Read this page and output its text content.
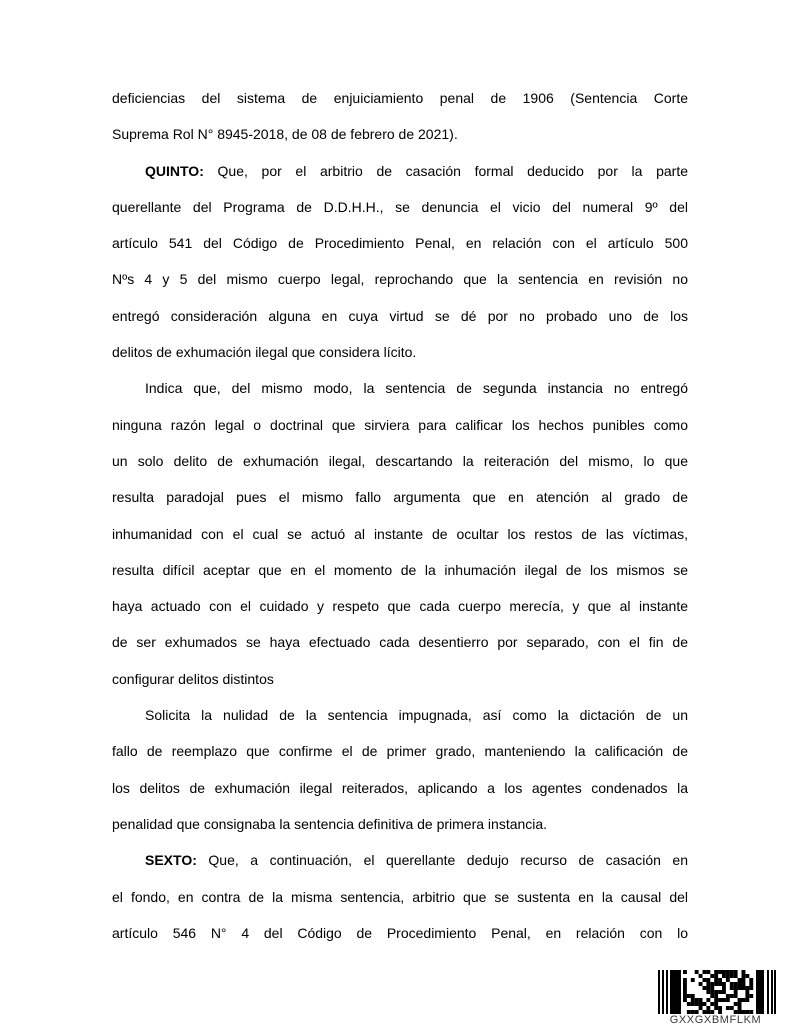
deficiencias del sistema de enjuiciamiento penal de 1906 (Sentencia Corte
Suprema Rol N° 8945-2018, de 08 de febrero de 2021).
QUINTO: Que, por el arbitrio de casación formal deducido por la parte
querellante del Programa de D.D.H.H., se denuncia el vicio del numeral 9º del
artículo 541 del Código de Procedimiento Penal, en relación con el artículo 500
Nºs 4 y 5 del mismo cuerpo legal, reprochando que la sentencia en revisión no
entregó consideración alguna en cuya virtud se dé por no probado uno de los
delitos de exhumación ilegal que considera lícito.
Indica que, del mismo modo, la sentencia de segunda instancia no entregó
ninguna razón legal o doctrinal que sirviera para calificar los hechos punibles como
un solo delito de exhumación ilegal, descartando la reiteración del mismo, lo que
resulta paradojal pues el mismo fallo argumenta que en atención al grado de
inhumanidad con el cual se actuó al instante de ocultar los restos de las víctimas,
resulta difícil aceptar que en el momento de la inhumación ilegal de los mismos se
haya actuado con el cuidado y respeto que cada cuerpo merecía, y que al instante
de ser exhumados se haya efectuado cada desentierro por separado, con el fin de
configurar delitos distintos
Solicita la nulidad de la sentencia impugnada, así como la dictación de un
fallo de reemplazo que confirme el de primer grado, manteniendo la calificación de
los delitos de exhumación ilegal reiterados, aplicando a los agentes condenados la
penalidad que consignaba la sentencia definitiva de primera instancia.
SEXTO: Que, a continuación, el querellante dedujo recurso de casación en
el fondo, en contra de la misma sentencia, arbitrio que se sustenta en la causal del
artículo 546 N° 4 del Código de Procedimiento Penal, en relación con lo
GXXGXBMFLKM
